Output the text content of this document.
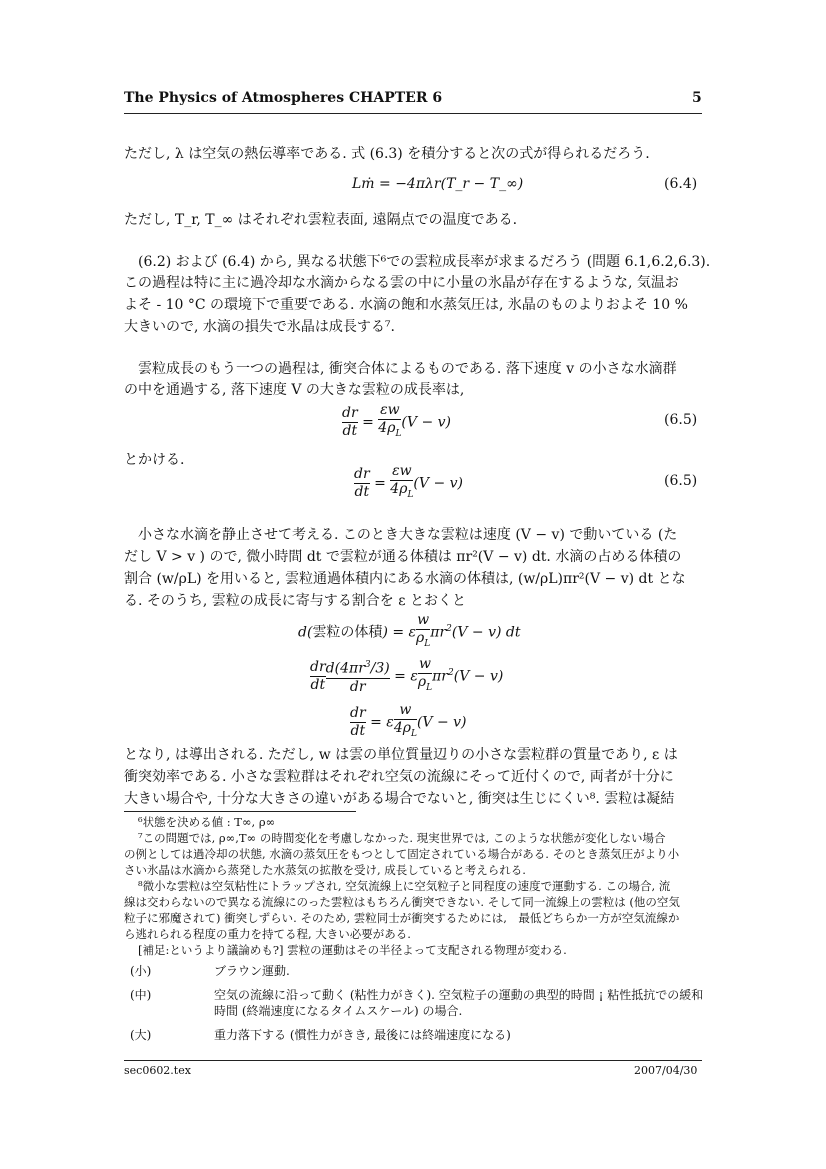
The Physics of Atmospheres CHAPTER 6	5
ただし, λ は空気の熱伝導率である. 式 (6.3) を積分すると次の式が得られるだろう.
Lṁ = −4πλr(T_r − T_∞)	(6.4)
ただし, T_r, T_∞ はそれぞれ雲粒表面, 遠隔点での温度である.
(6.2) および (6.4) から, 異なる状態下⁶での雲粒成長率が求まるだろう (問題 6.1,6.2,6.3).
この過程は特に主に過冷却な水滴からなる雲の中に小量の氷晶が存在するような, 気温お
よそ - 10 °C の環境下で重要である. 水滴の飽和水蒸気圧は, 氷晶のものよりおよそ 10 %
大きいので, 水滴の損失で氷晶は成長する⁷.
雲粒成長のもう一つの過程は, 衝突合体によるものである. 落下速度 v の小さな水滴群
の中を通過する, 落下速度 V の大きな雲粒の成長率は,
$\frac{dr}{dt} = \frac{\varepsilon w}{4\rho_L} (V - v)$	(6.5)
とかける.
$\frac{dr}{dt} = \frac{\varepsilon w}{4\rho_L} (V - v)$	(6.5)
小さな水滴を静止させて考える. このとき大きな雲粒は速度 (V − v) で動いている (た
だし V > v ) ので, 微小時間 dt で雲粒が通る体積は πr²(V − v) dt. 水滴の占める体積の
割合 (w/ρL) を用いると, 雲粒通過体積内にある水滴の体積は, (w/ρL)πr²(V − v) dt とな
る. そのうち, 雲粒の成長に寄与する割合を ε とおくと
d(雲粒の体積) = ε $\frac{w}{\rho_L} \pi r^2(V - v)$ dt
$\frac{dr}{dt} \frac{d(4\pi r^3/3)}{dr} = \varepsilon \frac{w}{\rho_L} \pi r^2(V - v)$
$\frac{dr}{dt} = \varepsilon \frac{w}{4\rho_L} (V - v)$
となり, は導出される. ただし, w は雲の単位質量辺りの小さな雲粒群の質量であり, ε は
衝突効率である. 小さな雲粒群はそれぞれ空気の流線にそって近付くので, 両者が十分に
大きい場合や, 十分な大きさの違いがある場合でないと, 衝突は生じにくい⁸. 雲粒は凝結
⁶状態を決める値 : T∞, ρ∞
⁷この問題では, ρ∞,T∞ の時間変化を考慮しなかった. 現実世界では, このような状態が変化しない場合
の例としては過冷却の状態, 水滴の蒸気圧をもつとして固定されている場合がある. そのとき蒸気圧がより小
さい氷晶は水滴から蒸発した水蒸気の拡散を受け, 成長していると考えられる.
⁸微小な雲粒は空気粘性にトラップされ, 空気流線上に空気粒子と同程度の速度で運動する. この場合, 流
線は交わらないので異なる流線にのった雲粒はもちろん衝突できない. そして同一流線上の雲粒は (他の空気
粒子に邪魔されて) 衝突しずらい. そのため, 雲粒同士が衝突するためには,　最低どちらか一方が空気流線か
ら逃れられる程度の重力を持てる程, 大きい必要がある.
[補足:というより議論めも?] 雲粒の運動はその半径よって支配される物理が変わる.
(小)	ブラウン運動.
(中)	空気の流線に沿って動く (粘性力がきく). 空気粒子の運動の典型的時間 ¡ 粘性抵抗での緩和
時間 (終端速度になるタイムスケール) の場合.
(大)	重力落下する (慣性力がきき, 最後には終端速度になる)
sec0602.tex	2007/04/30
